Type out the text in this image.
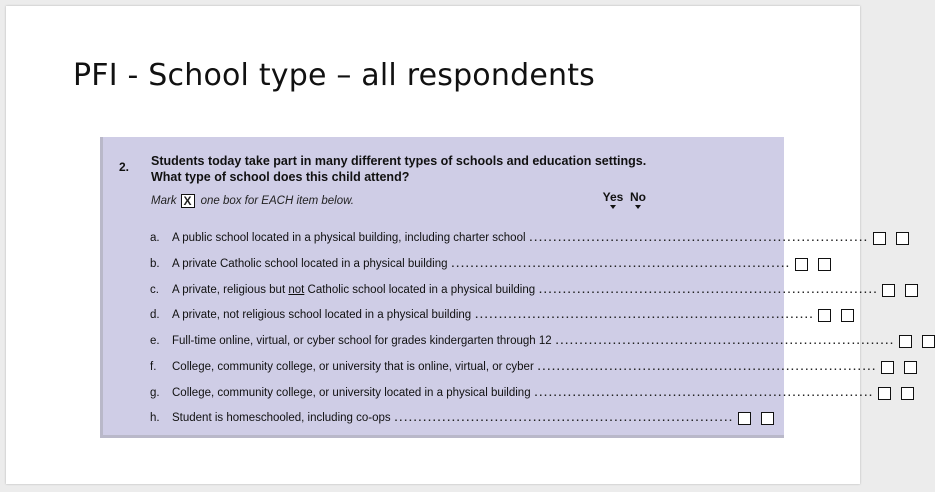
PFI - School type – all respondents
2. Students today take part in many different types of schools and education settings.
What type of school does this child attend?
Mark X one box for EACH item below.	Yes No
a.	A public school located in a physical building, including charter school .......................................................................
b.	A private Catholic school located in a physical building .......................................................................
c.	A private, religious but not Catholic school located in a physical building .......................................................................
d.	A private, not religious school located in a physical building .......................................................................
e.	Full-time online, virtual, or cyber school for grades kindergarten through 12 .......................................................................
f.	College, community college, or university that is online, virtual, or cyber .......................................................................
g.	College, community college, or university located in a physical building .......................................................................
h.	Student is homeschooled, including co-ops .......................................................................
